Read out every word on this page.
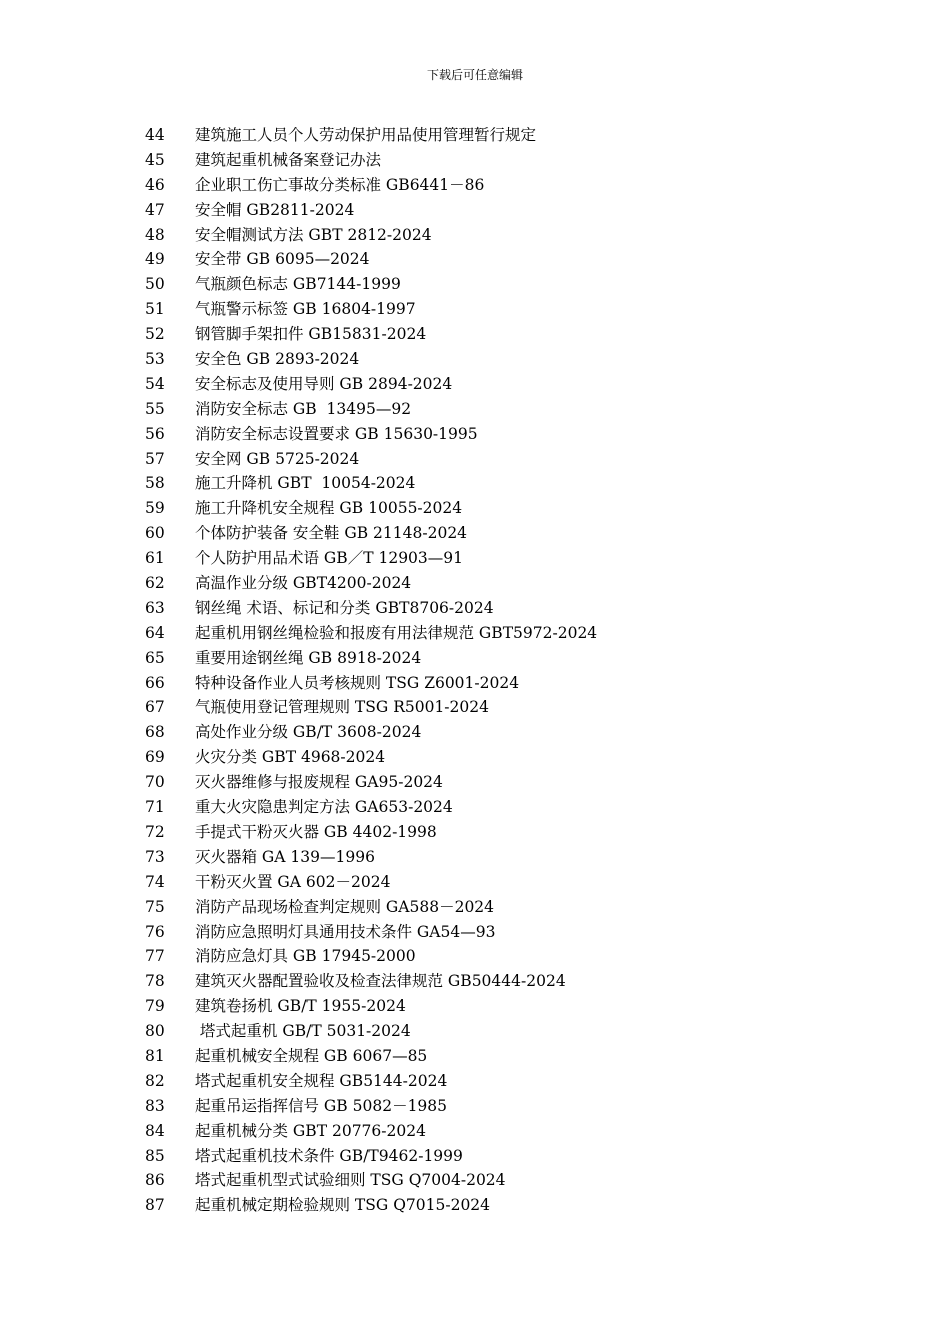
下载后可任意编辑
44	建筑施工人员个人劳动保护用品使用管理暂行规定
45	建筑起重机械备案登记办法
46	企业职工伤亡事故分类标准 GB6441－86
47	安全帽 GB2811-2024
48	安全帽测试方法 GBT 2812-2024
49	安全带 GB 6095—2024
50	气瓶颜色标志 GB7144-1999
51	气瓶警示标签 GB 16804-1997
52	钢管脚手架扣件 GB15831-2024
53	安全色 GB 2893-2024
54	安全标志及使用导则 GB 2894-2024
55	消防安全标志 GB  13495—92
56	消防安全标志设置要求 GB 15630-1995
57	安全网 GB 5725-2024
58	施工升降机 GBT  10054-2024
59	施工升降机安全规程 GB 10055-2024
60	个体防护装备 安全鞋 GB 21148-2024
61	个人防护用品术语 GB／T 12903—91
62	高温作业分级 GBT4200-2024
63	钢丝绳 术语、标记和分类 GBT8706-2024
64	起重机用钢丝绳检验和报废有用法律规范 GBT5972-2024
65	重要用途钢丝绳 GB 8918-2024
66	特种设备作业人员考核规则 TSG Z6001-2024
67	气瓶使用登记管理规则 TSG R5001-2024
68	高处作业分级 GB/T 3608-2024
69	火灾分类 GBT 4968-2024
70	灭火器维修与报废规程 GA95-2024
71	重大火灾隐患判定方法 GA653-2024
72	手提式干粉灭火器 GB 4402-1998
73	灭火器箱 GA 139—1996
74	干粉灭火置 GA 602－2024
75	消防产品现场检查判定规则 GA588－2024
76	消防应急照明灯具通用技术条件 GA54—93
77	消防应急灯具 GB 17945-2000
78	建筑灭火器配置验收及检查法律规范 GB50444-2024
79	建筑卷扬机 GB/T 1955-2024
80	塔式起重机 GB/T 5031-2024
81	起重机械安全规程 GB 6067—85
82	塔式起重机安全规程 GB5144-2024
83	起重吊运指挥信号 GB 5082－1985
84	起重机械分类 GBT 20776-2024
85	塔式起重机技术条件 GB/T9462-1999
86	塔式起重机型式试验细则 TSG Q7004-2024
87	起重机械定期检验规则 TSG Q7015-2024
